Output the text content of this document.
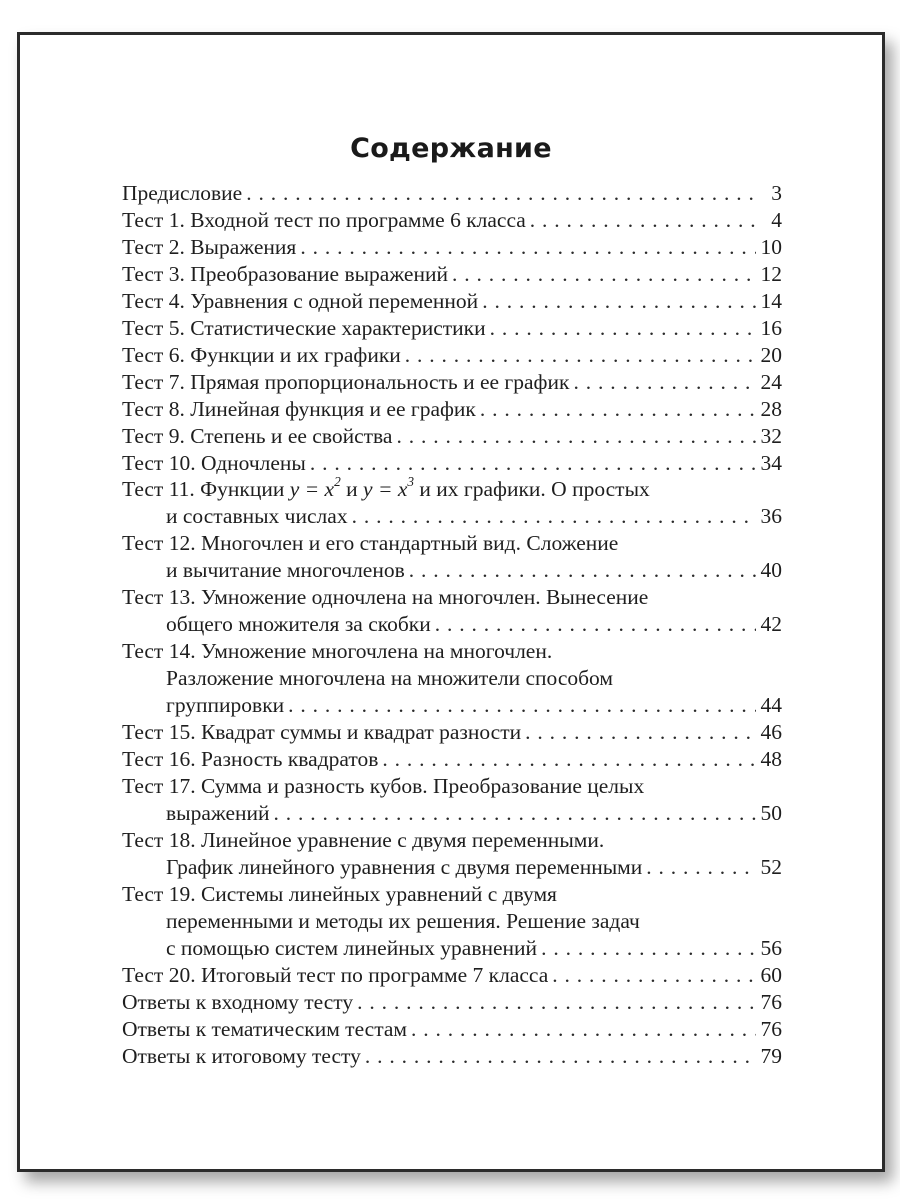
Содержание
Предисловие . . .	3
Тест 1. Входной тест по программе 6 класса . . .	4
Тест 2. Выражения . . .	10
Тест 3. Преобразование выражений . . .	12
Тест 4. Уравнения с одной переменной . . .	14
Тест 5. Статистические характеристики . . .	16
Тест 6. Функции и их графики . . .	20
Тест 7. Прямая пропорциональность и ее график . . .	24
Тест 8. Линейная функция и ее график . . .	28
Тест 9. Степень и ее свойства . . .	32
Тест 10. Одночлены . . .	34
Тест 11. Функции $y = x^2$ и $y = x^3$ и их графики. О простых
и составных числах . . .	36
Тест 12. Многочлен и его стандартный вид. Сложение
и вычитание многочленов . . .	40
Тест 13. Умножение одночлена на многочлен. Вынесение
общего множителя за скобки . . .	42
Тест 14. Умножение многочлена на многочлен.
Разложение многочлена на множители способом
группировки . . .	44
Тест 15. Квадрат суммы и квадрат разности . . .	46
Тест 16. Разность квадратов . . .	48
Тест 17. Сумма и разность кубов. Преобразование целых
выражений . . .	50
Тест 18. Линейное уравнение с двумя переменными.
График линейного уравнения с двумя переменными . . .	52
Тест 19. Системы линейных уравнений с двумя
переменными и методы их решения. Решение задач
с помощью систем линейных уравнений . . .	56
Тест 20. Итоговый тест по программе 7 класса . . .	60
Ответы к входному тесту . . .	76
Ответы к тематическим тестам . . .	76
Ответы к итоговому тесту . . .	79
